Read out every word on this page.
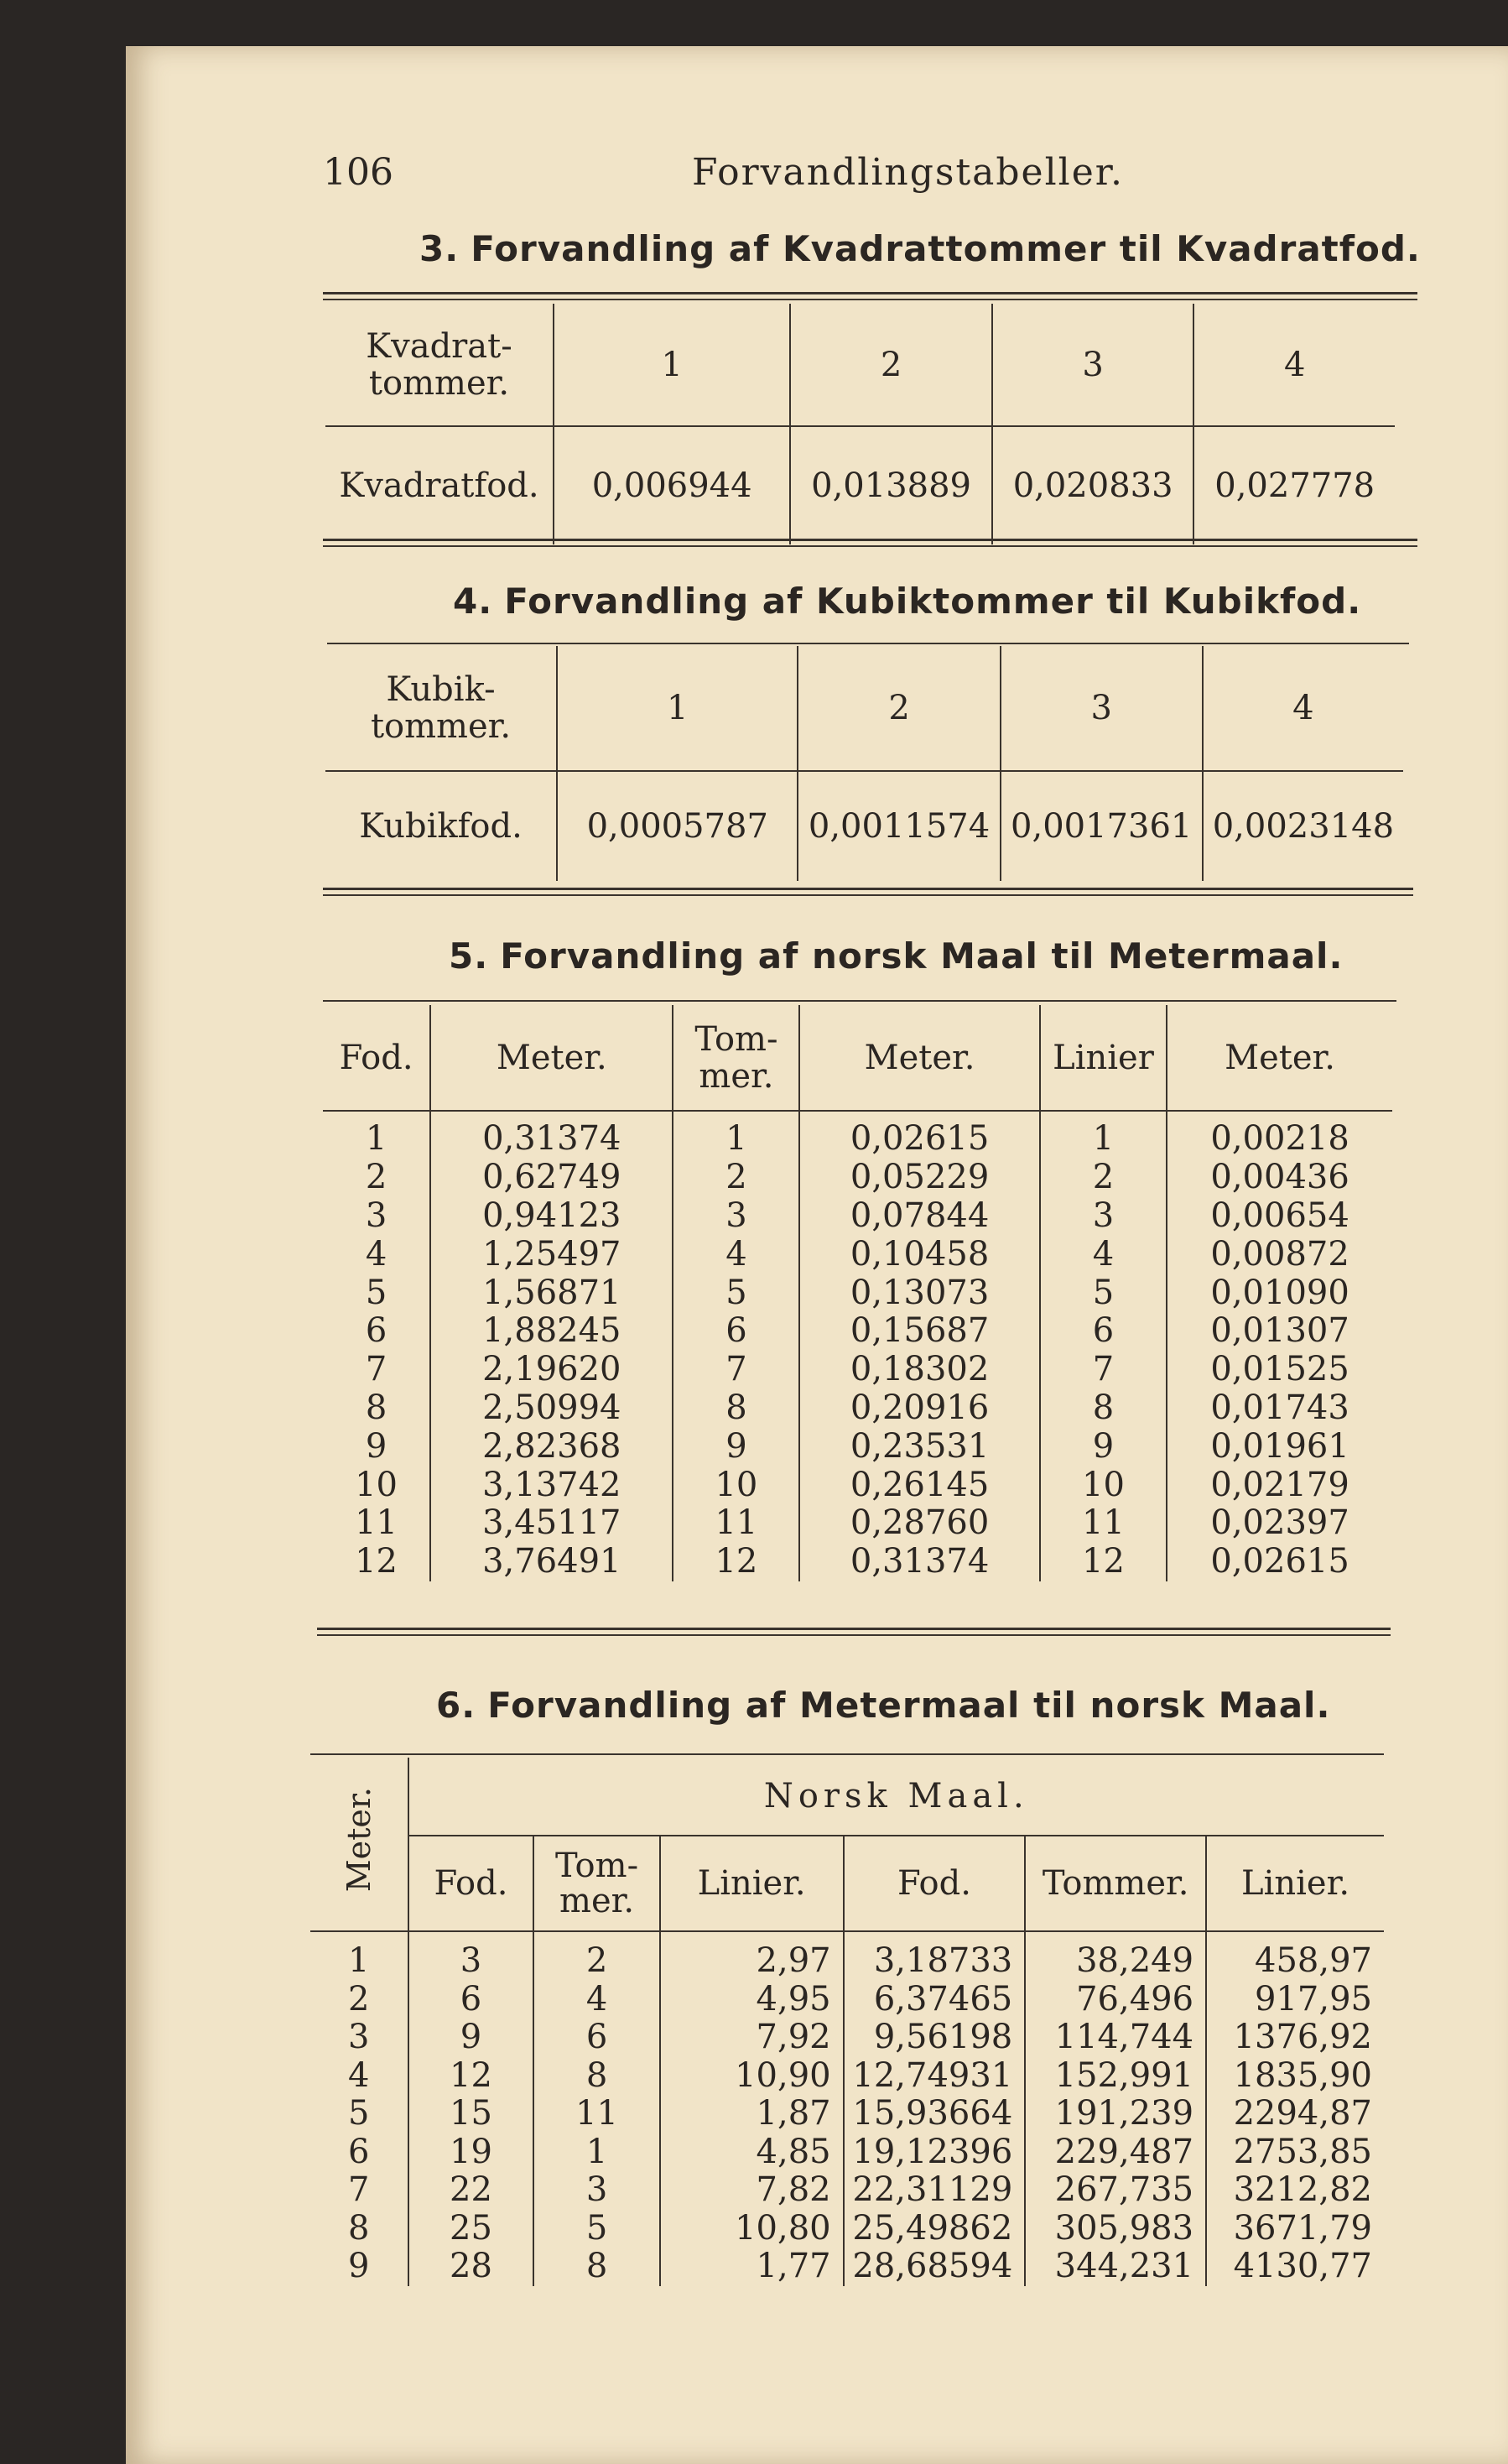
106	Forvandlingstabeller.
3. Forvandling af Kvadrattommer til Kvadratfod.
Kvadrat-
tommer.	1	2	3	4
Kvadratfod.	0,006944	0,013889	0,020833	0,027778
4. Forvandling af Kubiktommer til Kubikfod.
Kubik-
tommer.	1	2	3	4
Kubikfod.	0,0005787	0,0011574	0,0017361	0,0023148
5. Forvandling af norsk Maal til Metermaal.
Fod.	Meter.	Tom-
mer.	Meter.	Linier	Meter.
1	0,31374	1	0,02615	1	0,00218
2	0,62749	2	0,05229	2	0,00436
3	0,94123	3	0,07844	3	0,00654
4	1,25497	4	0,10458	4	0,00872
5	1,56871	5	0,13073	5	0,01090
6	1,88245	6	0,15687	6	0,01307
7	2,19620	7	0,18302	7	0,01525
8	2,50994	8	0,20916	8	0,01743
9	2,82368	9	0,23531	9	0,01961
10	3,13742	10	0,26145	10	0,02179
11	3,45117	11	0,28760	11	0,02397
12	3,76491	12	0,31374	12	0,02615
6. Forvandling af Metermaal til norsk Maal.
Meter.	Norsk Maal.					
	Fod.	Tom-
mer.	Linier.	Fod.	Tommer.	Linier.
1	3	2	2,97	3,18733	38,249	458,97
2	6	4	4,95	6,37465	76,496	917,95
3	9	6	7,92	9,56198	114,744	1376,92
4	12	8	10,90	12,74931	152,991	1835,90
5	15	11	1,87	15,93664	191,239	2294,87
6	19	1	4,85	19,12396	229,487	2753,85
7	22	3	7,82	22,31129	267,735	3212,82
8	25	5	10,80	25,49862	305,983	3671,79
9	28	8	1,77	28,68594	344,231	4130,77
